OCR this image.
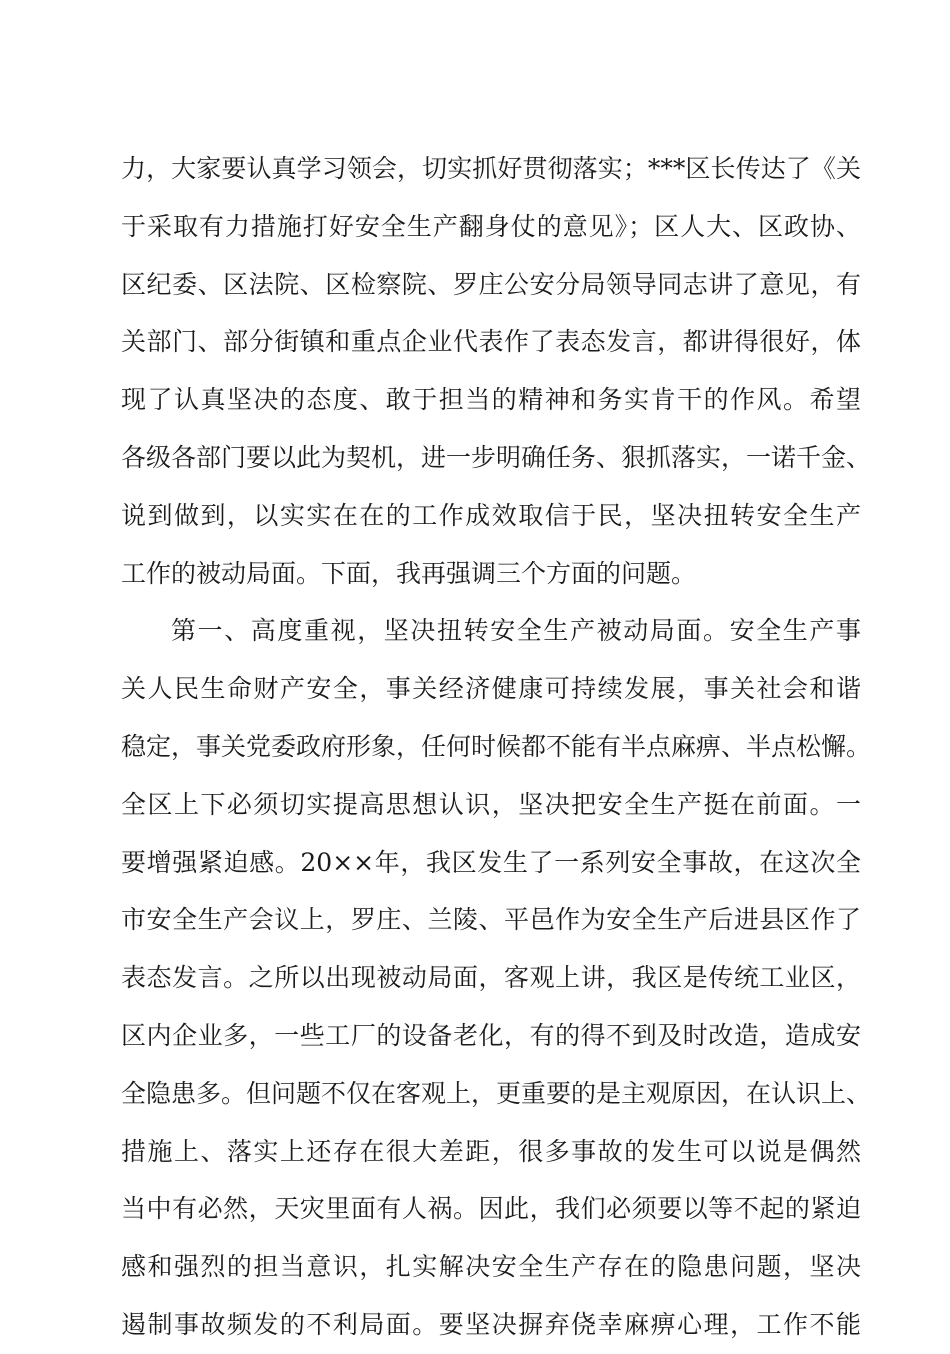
力，大家要认真学习领会，切实抓好贯彻落实；***区长传达了《关
于采取有力措施打好安全生产翻身仗的意见》；区人大、区政协、
区纪委、区法院、区检察院、罗庄公安分局领导同志讲了意见，有
关部门、部分街镇和重点企业代表作了表态发言，都讲得很好，体
现了认真坚决的态度、敢于担当的精神和务实肯干的作风。希望
各级各部门要以此为契机，进一步明确任务、狠抓落实，一诺千金、
说到做到，以实实在在的工作成效取信于民，坚决扭转安全生产
工作的被动局面。下面，我再强调三个方面的问题。
第一、高度重视，坚决扭转安全生产被动局面。安全生产事
关人民生命财产安全，事关经济健康可持续发展，事关社会和谐
稳定，事关党委政府形象，任何时候都不能有半点麻痹、半点松懈。
全区上下必须切实提高思想认识，坚决把安全生产挺在前面。一
要增强紧迫感。20××年，我区发生了一系列安全事故，在这次全
市安全生产会议上，罗庄、兰陵、平邑作为安全生产后进县区作了
表态发言。之所以出现被动局面，客观上讲，我区是传统工业区，
区内企业多，一些工厂的设备老化，有的得不到及时改造，造成安
全隐患多。但问题不仅在客观上，更重要的是主观原因，在认识上、
措施上、落实上还存在很大差距，很多事故的发生可以说是偶然
当中有必然，天灾里面有人祸。因此，我们必须要以等不起的紧迫
感和强烈的担当意识，扎实解决安全生产存在的隐患问题，坚决
遏制事故频发的不利局面。要坚决摒弃侥幸麻痹心理，工作不能
